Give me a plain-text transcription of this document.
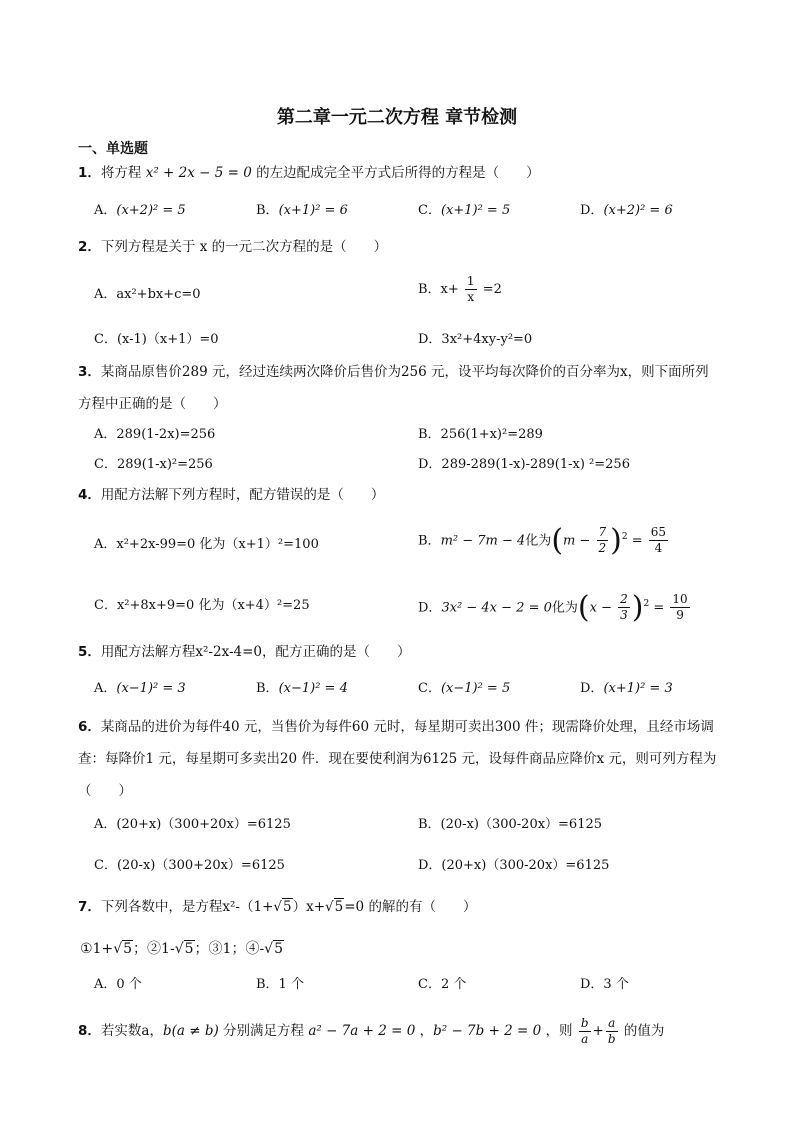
第二章一元二次方程 章节检测
一、单选题
1．将方程 x² + 2x − 5 = 0 的左边配成完全平方式后所得的方程是（　　）
A．(x+2)² = 5	B．(x+1)² = 6	C．(x+1)² = 5	D．(x+2)² = 6
2．下列方程是关于 x 的一元二次方程的是（　　）
A．ax²+bx+c=0	B．$x+ \frac{1}{x} =2$
C．(x-1)（x+1）=0	D．3x²+4xy-y²=0
3．某商品原售价289 元，经过连续两次降价后售价为256 元，设平均每次降价的百分率为x，则下面所列方程中正确的是（　　）
A．289(1-2x)=256	B．256(1+x)²=289
C．289(1-x)²=256	D．289-289(1-x)-289(1-x) ²=256
4．用配方法解下列方程时，配方错误的是（　　）
A．x²+2x-99=0 化为（x+1）²=100	B．m² − 7m − 4化为$(m - \frac{7}{2} )^2 = \frac{65}{4}$
C．x²+8x+9=0 化为（x+4）²=25	D．3x² − 4x − 2 = 0化为$(x - \frac{2}{3} )^2 = \frac{10}{9}$
5．用配方法解方程x²-2x-4=0，配方正确的是（　　）
A．(x−1)² = 3	B．(x−1)² = 4	C．(x−1)² = 5	D．(x+1)² = 3
6．某商品的进价为每件40 元，当售价为每件60 元时，每星期可卖出300 件；现需降价处理，且经市场调查：每降价1 元，每星期可多卖出20 件．现在要使利润为6125 元，设每件商品应降价x 元，则可列方程为（　　）
A．(20+x)（300+20x）=6125	B．(20-x)（300-20x）=6125
C．(20-x)（300+20x）=6125	D．(20+x)（300-20x）=6125
7．下列各数中，是方程x²-（1+√5）x+√5=0 的解的有（　　）
①1+√5；②1-√5；③1；④-√5
A．0 个	B．1 个	C．2 个	D．3 个
8．若实数a，b(a ≠ b) 分别满足方程 a² − 7a + 2 = 0 ，b² − 7b + 2 = 0 ，则 $\frac{b}{a} + \frac{a}{b}$ 的值为
